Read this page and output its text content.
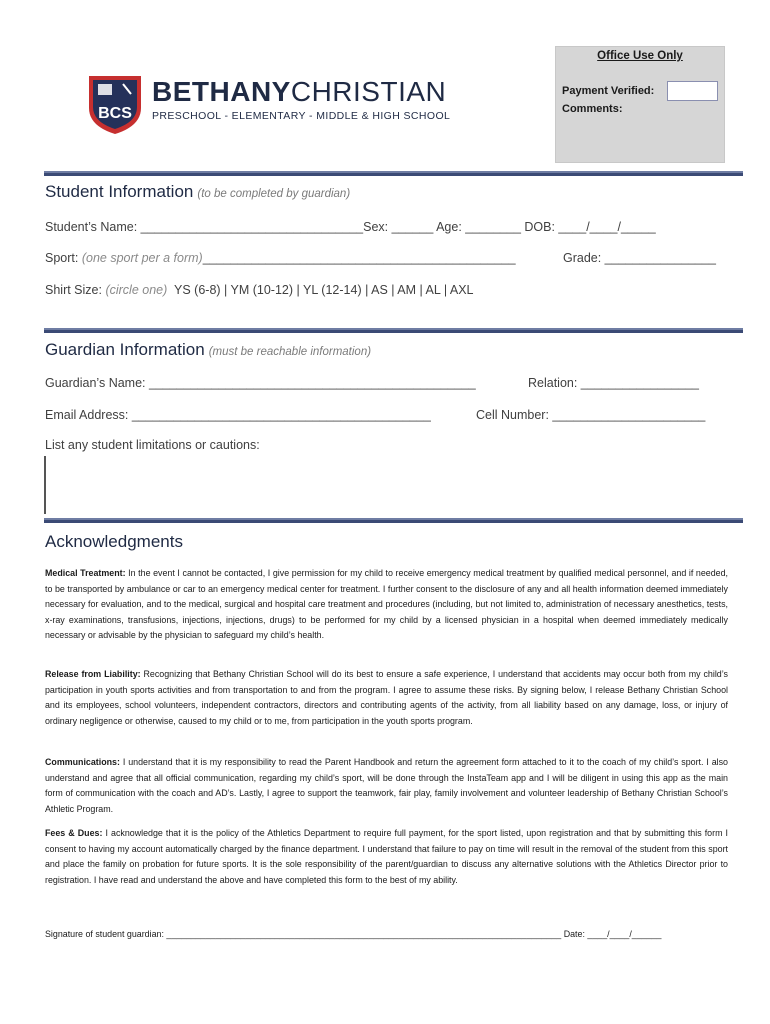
BCS
BETHANYCHRISTIAN
PRESCHOOL - ELEMENTARY - MIDDLE & HIGH SCHOOL
Office Use Only
Payment Verified:
Comments:
Student Information (to be completed by guardian)
Student’s Name: ________________________________Sex: ______ Age: ________ DOB: ____/____/_____
Sport: (one sport per a form)_____________________________________________	Grade: ________________
Shirt Size: (circle one) YS (6-8) | YM (10-12) | YL (12-14) | AS | AM | AL | AXL
Guardian Information (must be reachable information)
Guardian’s Name: _______________________________________________	Relation: _________________
Email Address: ___________________________________________	Cell Number: ______________________
List any student limitations or cautions:
Acknowledgments
Medical Treatment: In the event I cannot be contacted, I give permission for my child to receive emergency medical treatment by qualified medical personnel, and if needed, to be transported by ambulance or car to an emergency medical center for treatment. I further consent to the disclosure of any and all health information deemed immediately necessary for evaluation, and to the medical, surgical and hospital care treatment and procedures (including, but not limited to, administration of necessary anesthetics, tests, x-ray examinations, transfusions, injections, injections, drugs) to be performed for my child by a licensed physician in a hospital when deemed immediately medically necessary or advisable by the physician to safeguard my child’s health.
Release from Liability: Recognizing that Bethany Christian School will do its best to ensure a safe experience, I understand that accidents may occur both from my child’s participation in youth sports activities and from transportation to and from the program. I agree to assume these risks. By signing below, I release Bethany Christian School and its employees, school volunteers, independent contractors, directors and contributing agents of the activity, from all liability based on any damage, loss, or injury of ordinary negligence or otherwise, caused to my child or to me, from participation in the youth sports program.
Communications: I understand that it is my responsibility to read the Parent Handbook and return the agreement form attached to it to the coach of my child’s sport. I also understand and agree that all official communication, regarding my child’s sport, will be done through the InstaTeam app and I will be diligent in using this app as the main form of communication with the coach and AD’s. Lastly, I agree to support the teamwork, fair play, family involvement and volunteer leadership of Bethany Christian School’s Athletic Program.
Fees & Dues: I acknowledge that it is the policy of the Athletics Department to require full payment, for the sport listed, upon registration and that by submitting this form I consent to having my account automatically charged by the finance department. I understand that failure to pay on time will result in the removal of the student from this sport and place the family on probation for future sports. It is the sole responsibility of the parent/guardian to discuss any alternative solutions with the Athletics Director prior to registration. I have read and understand the above and have completed this form to the best of my ability.
Signature of student guardian: ________________________________________________________________________________ Date: ____/____/______
